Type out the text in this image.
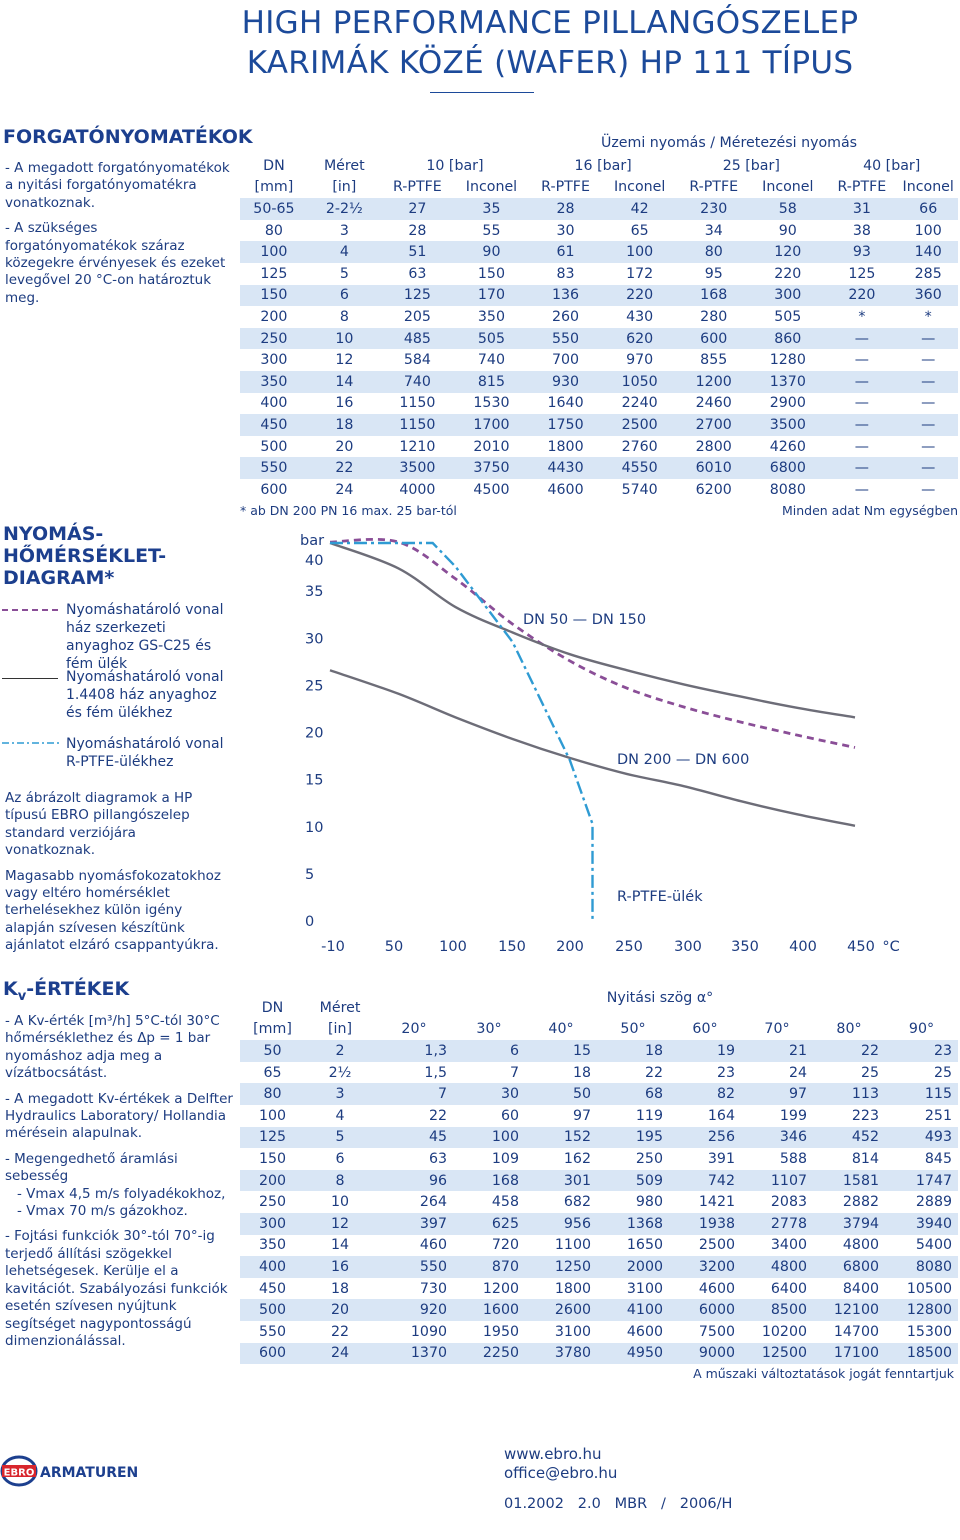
HIGH PERFORMANCE PILLANGÓSZELEP
KARIMÁK KÖZÉ (WAFER) HP 111 TÍPUS
FORGATÓNYOMATÉKOK

- A megadott forgatónyomatékok a nyitási forgatónyomatékra vonatkoznak.

- A szükséges forgatónyomatékok száraz közegekre érvényesek és ezeket levegővel 20 °C-on határoztuk meg.

Üzemi nyomás / Méretezési nyomás
DN	Méret	10 [bar]		16 [bar]		25 [bar]		40 [bar]	
[mm]	[in]	R-PTFE	Inconel	R-PTFE	Inconel	R-PTFE	Inconel	R-PTFE	Inconel
50-65	2-2½	27	35	28	42	230	58	31	66
80	3	28	55	30	65	34	90	38	100
100	4	51	90	61	100	80	120	93	140
125	5	63	150	83	172	95	220	125	285
150	6	125	170	136	220	168	300	220	360
200	8	205	350	260	430	280	505	*	*
250	10	485	505	550	620	600	860	—	—
300	12	584	740	700	970	855	1280	—	—
350	14	740	815	930	1050	1200	1370	—	—
400	16	1150	1530	1640	2240	2460	2900	—	—
450	18	1150	1700	1750	2500	2700	3500	—	—
500	20	1210	2010	1800	2760	2800	4260	—	—
550	22	3500	3750	4430	4550	6010	6800	—	—
600	24	4000	4500	4600	5740	6200	8080	—	—
* ab DN 200 PN 16 max. 25 bar-tól	Minden adat Nm egységben
NYOMÁS-
HŐMÉRSÉKLET-
DIAGRAM*
Nyomáshatároló vonal ház szerkezeti anyaghoz GS-C25 és fém ülék
Nyomáshatároló vonal 1.4408 ház anyaghoz és fém ülékhez
Nyomáshatároló vonal R-PTFE-ülékhez

Az ábrázolt diagramok a HP típusú EBRO pillangószelep standard verziójára vonatkoznak.

Magasabb nyomásfokozatokhoz vagy eltéro homérséklet terhelésekhez külön igény alapján szívesen készítünk ajánlatot elzáró csappantyúkra.

40
35
30
25
20
15
10
5
0
-10	50 100 150 200 250 300 350 400 450 °C
DN 50 — DN 150
DN 200 — DN 600
R-PTFE-ülék
bar
$K_v$-ÉRTÉKEK

- A Kv-érték [m³/h] 5°C-tól 30°C hőmérséklethez és Δp = 1 bar nyomáshoz adja meg a vízátbocsátást.

- A megadott Kv-értékek a Delfter Hydraulics Laboratory/ Hollandia mérésein alapulnak.

- Megengedhető áramlási sebesség

- Vmax 4,5 m/s folyadékokhoz,

- Vmax 70 m/s gázokhoz.

- Fojtási funkciók 30°-tól 70°-ig terjedő állítási szögekkel lehetségesek. Kerülje el a kavitációt. Szabályozási funkciók esetén szívesen nyújtunk segítséget nagypontosságú dimenzionálással.

Nyitási szög α°
DN	Méret								
[mm]	[in]	20°	30°	40°	50°	60°	70°	80°	90°
50	2	1,3	6	15	18	19	21	22	23
65	2½	1,5	7	18	22	23	24	25	25
80	3	7	30	50	68	82	97	113	115
100	4	22	60	97	119	164	199	223	251
125	5	45	100	152	195	256	346	452	493
150	6	63	109	162	250	391	588	814	845
200	8	96	168	301	509	742	1107	1581	1747
250	10	264	458	682	980	1421	2083	2882	2889
300	12	397	625	956	1368	1938	2778	3794	3940
350	14	460	720	1100	1650	2500	3400	4800	5400
400	16	550	870	1250	2000	3200	4800	6800	8080
450	18	730	1200	1800	3100	4600	6400	8400	10500
500	20	920	1600	2600	4100	6000	8500	12100	12800
550	22	1090	1950	3100	4600	7500	10200	14700	15300
600	24	1370	2250	3780	4950	9000	12500	17100	18500
A műszaki változtatások jogát fenntartjuk
EBRO ARMATUREN
www.ebro.hu
office@ebro.hu
01.2002   2.0   MBR   /   2006/H
